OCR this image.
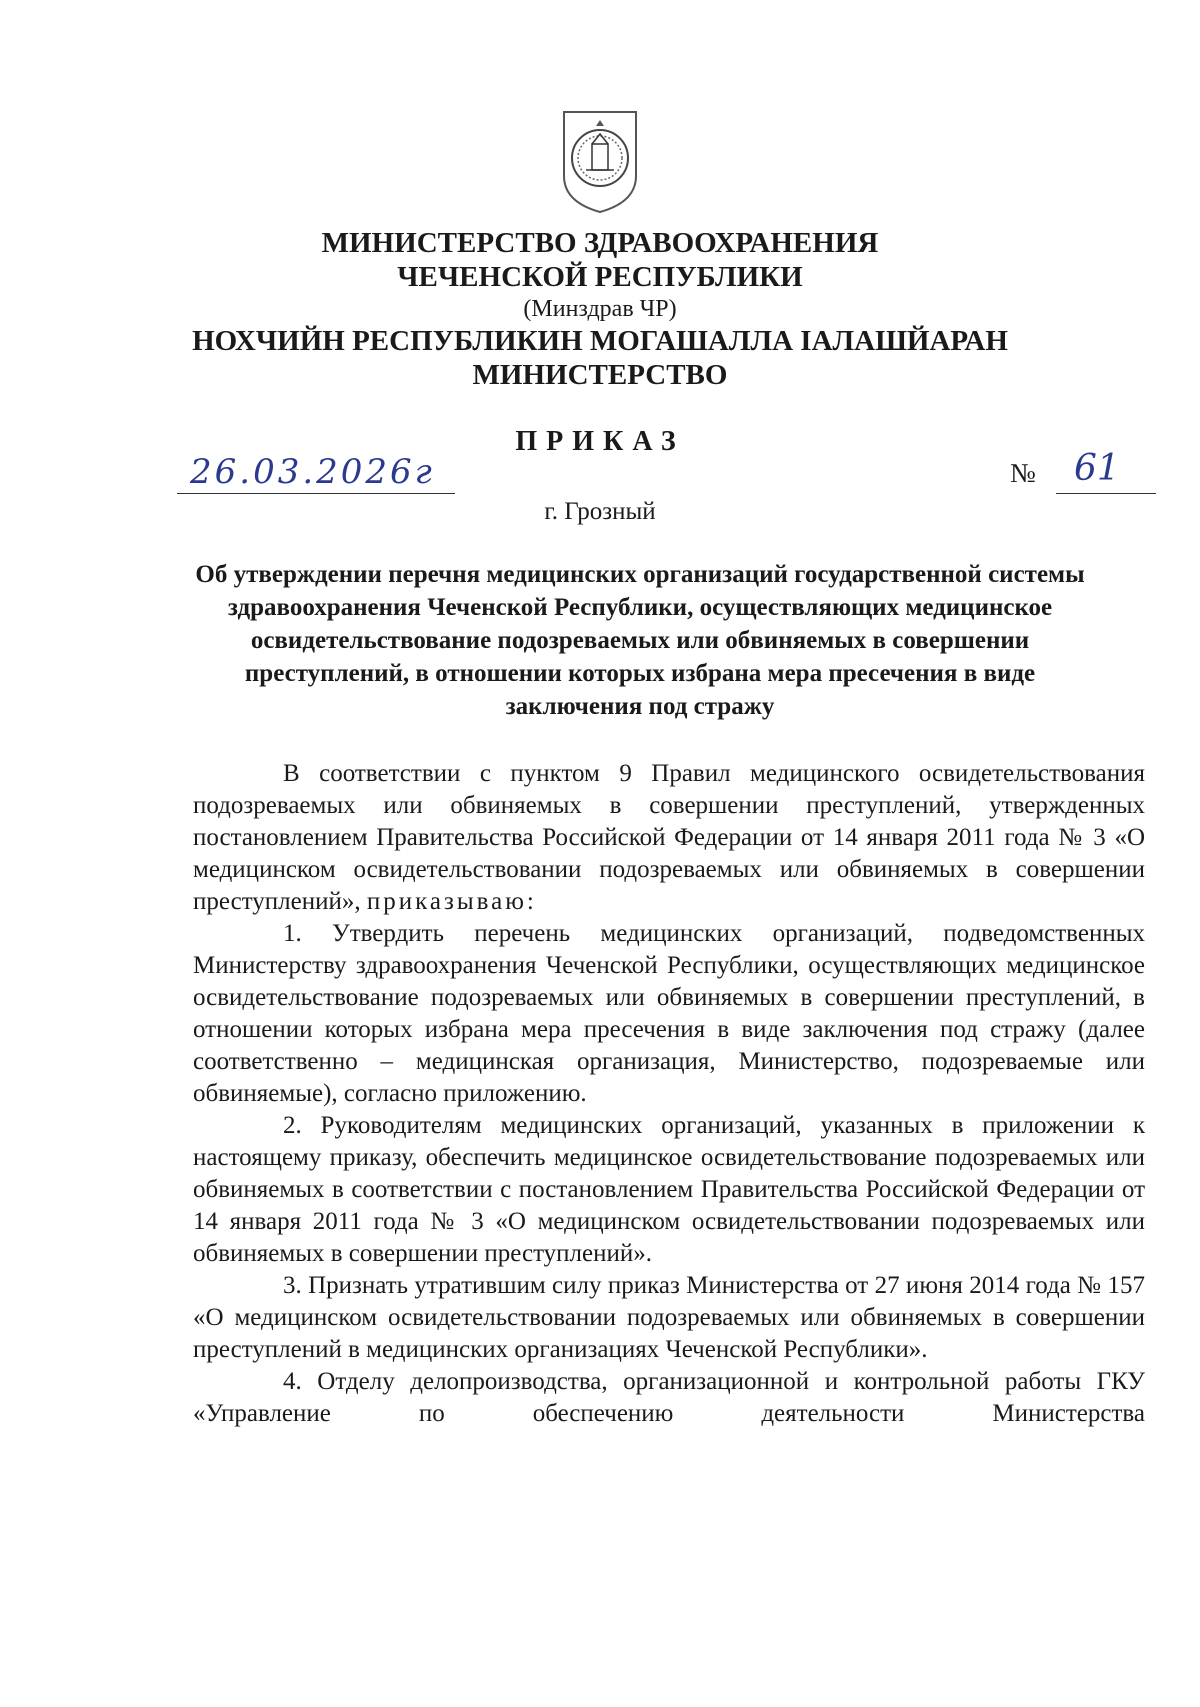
МИНИСТЕРСТВО ЗДРАВООХРАНЕНИЯ
ЧЕЧЕНСКОЙ РЕСПУБЛИКИ
(Минздрав ЧР)
НОХЧИЙН РЕСПУБЛИКИН МОГАШАЛЛА IАЛАШЙАРАН
МИНИСТЕРСТВО
ПРИКАЗ
26.03.2026г	№ 61
г. Грозный
Об утверждении перечня медицинских организаций государственной системы здравоохранения Чеченской Республики, осуществляющих медицинское освидетельствование подозреваемых или обвиняемых в совершении преступлений, в отношении которых избрана мера пресечения в виде заключения под стражу

В соответствии с пунктом 9 Правил медицинского освидетельствования подозреваемых или обвиняемых в совершении преступлений, утвержденных постановлением Правительства Российской Федерации от 14 января 2011 года № 3 «О медицинском освидетельствовании подозреваемых или обвиняемых в совершении преступлений», приказываю:

1. Утвердить перечень медицинских организаций, подведомственных Министерству здравоохранения Чеченской Республики, осуществляющих медицинское освидетельствование подозреваемых или обвиняемых в совершении преступлений, в отношении которых избрана мера пресечения в виде заключения под стражу (далее соответственно – медицинская организация, Министерство, подозреваемые или обвиняемые), согласно приложению.

2. Руководителям медицинских организаций, указанных в приложении к настоящему приказу, обеспечить медицинское освидетельствование подозреваемых или обвиняемых в соответствии с постановлением Правительства Российской Федерации от 14 января 2011 года № 3 «О медицинском освидетельствовании подозреваемых или обвиняемых в совершении преступлений».

3. Признать утратившим силу приказ Министерства от 27 июня 2014 года № 157 «О медицинском освидетельствовании подозреваемых или обвиняемых в совершении преступлений в медицинских организациях Чеченской Республики».

4. Отделу делопроизводства, организационной и контрольной работы ГКУ «Управление по обеспечению деятельности Министерства
